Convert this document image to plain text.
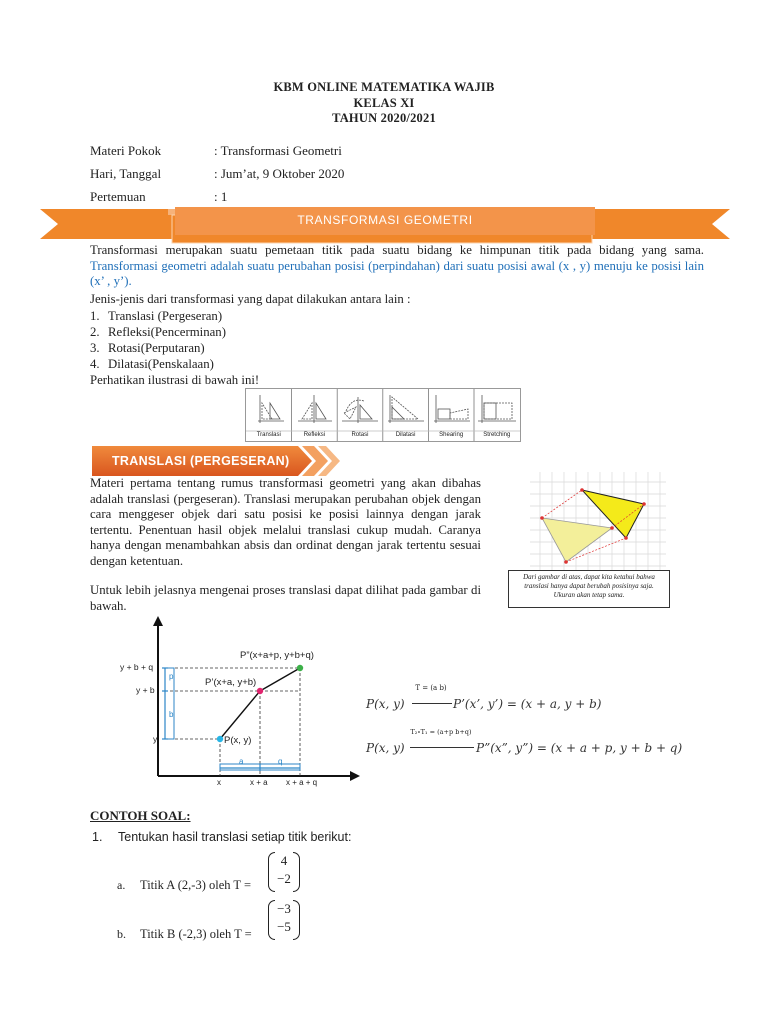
KBM ONLINE MATEMATIKA WAJIB
KELAS XI
TAHUN 2020/2021
Materi Pokok	: Transformasi Geometri
Hari, Tanggal	: Jum’at, 9 Oktober 2020
Pertemuan	: 1
TRANSFORMASI GEOMETRI
Transformasi merupakan suatu pemetaan titik pada suatu bidang ke himpunan titik pada bidang yang sama. Transformasi geometri adalah suatu perubahan posisi (perpindahan) dari suatu posisi awal (x , y) menuju ke posisi lain (x’ , y’).
Jenis-jenis dari transformasi yang dapat dilakukan antara lain :
1. Translasi (Pergeseran)
2. Refleksi(Pencerminan)
3. Rotasi(Perputaran)
4. Dilatasi(Penskalaan)
Perhatikan ilustrasi di bawah ini!
Translasi	Refleksi	Rotasi	Dilatasi	Shearing	Stretching
TRANSLASI (PERGESERAN)
Materi pertama tentang rumus transformasi geometri yang akan dibahas adalah translasi (pergeseran). Translasi merupakan perubahan objek dengan cara menggeser objek dari satu posisi ke posisi lainnya dengan jarak tertentu. Penentuan hasil objek melalui translasi cukup mudah. Caranya hanya dengan menambahkan absis dan ordinat dengan jarak tertentu sesuai dengan ketentuan.
Untuk lebih jelasnya mengenai proses translasi dapat dilihat pada gambar di bawah.
Dari gambar di atas, dapat kita ketahui bahwa translasi hanya dapat berubah posisinya saja. Ukuran akan tetap sama.
P”(x+a+p, y+b+q)
P’(x+a, y+b)
P(x, y)
y + b + q
y + b
y
x	x + a x + a + q
p
b
a	q
P(x, y)
T = (a b)
P’(x’, y’) = (x + a, y + b)
P(x, y)
T₂∘T₁ = (a+p b+q)
P”(x”, y”) = (x + a + p, y + b + q)
CONTOH SOAL:
1. Tentukan hasil translasi setiap titik berikut:
a. Titik A (2,-3) oleh T =
4
−2
b. Titik B (-2,3) oleh T =
−3
−5
